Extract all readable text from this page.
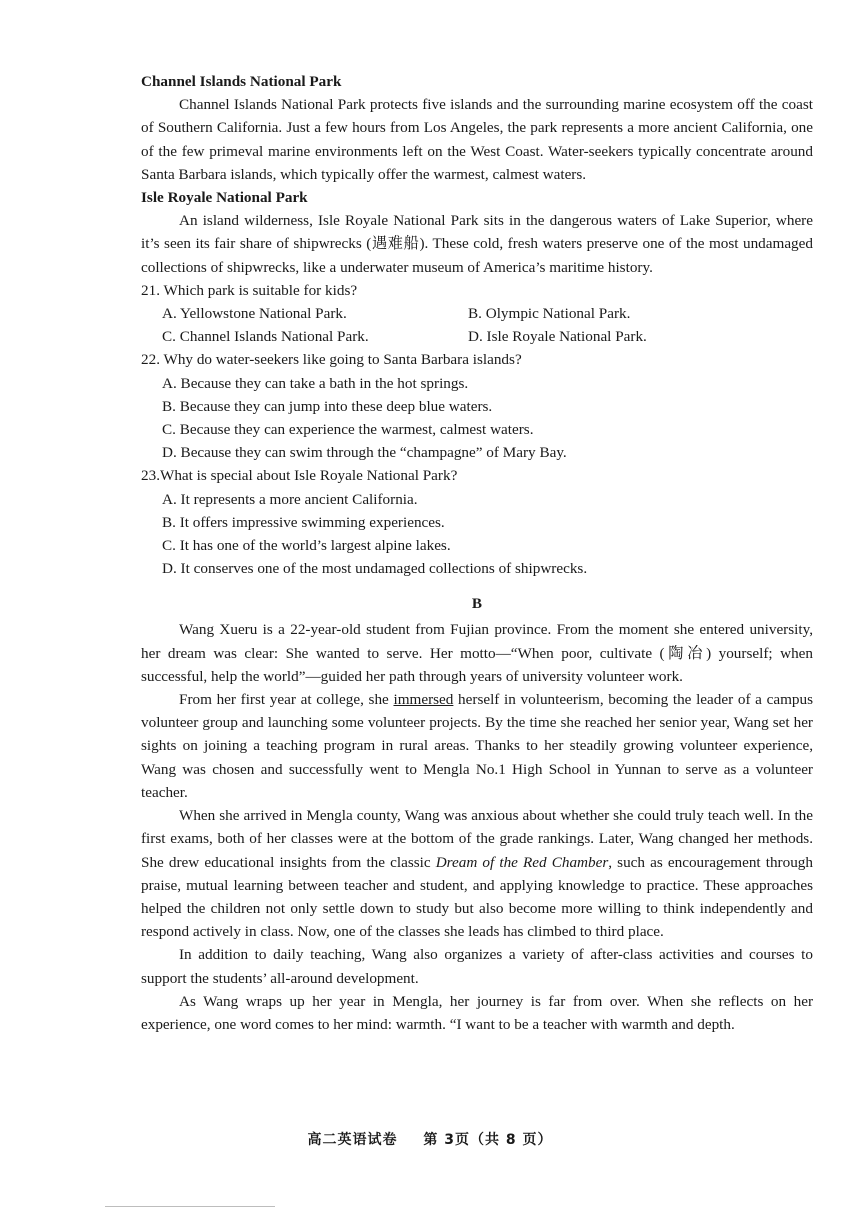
Channel Islands National Park

Channel Islands National Park protects five islands and the surrounding marine ecosystem off the coast of Southern California. Just a few hours from Los Angeles, the park represents a more ancient California, one of the few primeval marine environments left on the West Coast. Water-seekers typically concentrate around Santa Barbara islands, which typically offer the warmest, calmest waters.

Isle Royale National Park

An island wilderness, Isle Royale National Park sits in the dangerous waters of Lake Superior, where it’s seen its fair share of shipwrecks (遇难船). These cold, fresh waters preserve one of the most undamaged collections of shipwrecks, like a underwater museum of America’s maritime history.

21. Which park is suitable for kids?

A. Yellowstone National Park.	B. Olympic National Park.
C. Channel Islands National Park.	D. Isle Royale National Park.

22. Why do water-seekers like going to Santa Barbara islands?

A. Because they can take a bath in the hot springs.

B. Because they can jump into these deep blue waters.

C. Because they can experience the warmest, calmest waters.

D. Because they can swim through the “champagne” of Mary Bay.

23.What is special about Isle Royale National Park?

A. It represents a more ancient California.

B. It offers impressive swimming experiences.

C. It has one of the world’s largest alpine lakes.

D. It conserves one of the most undamaged collections of shipwrecks.

B

Wang Xueru is a 22-year-old student from Fujian province. From the moment she entered university, her dream was clear: She wanted to serve. Her motto—“When poor, cultivate (陶冶) yourself; when successful, help the world”—guided her path through years of university volunteer work.

From her first year at college, she immersed herself in volunteerism, becoming the leader of a campus volunteer group and launching some volunteer projects. By the time she reached her senior year, Wang set her sights on joining a teaching program in rural areas. Thanks to her steadily growing volunteer experience, Wang was chosen and successfully went to Mengla No.1 High School in Yunnan to serve as a volunteer teacher.

When she arrived in Mengla county, Wang was anxious about whether she could truly teach well. In the first exams, both of her classes were at the bottom of the grade rankings. Later, Wang changed her methods. She drew educational insights from the classic Dream of the Red Chamber, such as encouragement through praise, mutual learning between teacher and student, and applying knowledge to practice. These approaches helped the children not only settle down to study but also become more willing to think independently and respond actively in class. Now, one of the classes she leads has climbed to third place.

In addition to daily teaching, Wang also organizes a variety of after-class activities and courses to support the students’ all-around development.

As Wang wraps up her year in Mengla, her journey is far from over. When she reflects on her experience, one word comes to her mind: warmth. “I want to be a teacher with warmth and depth.

高二英语试卷 第 3页（共 8 页）
